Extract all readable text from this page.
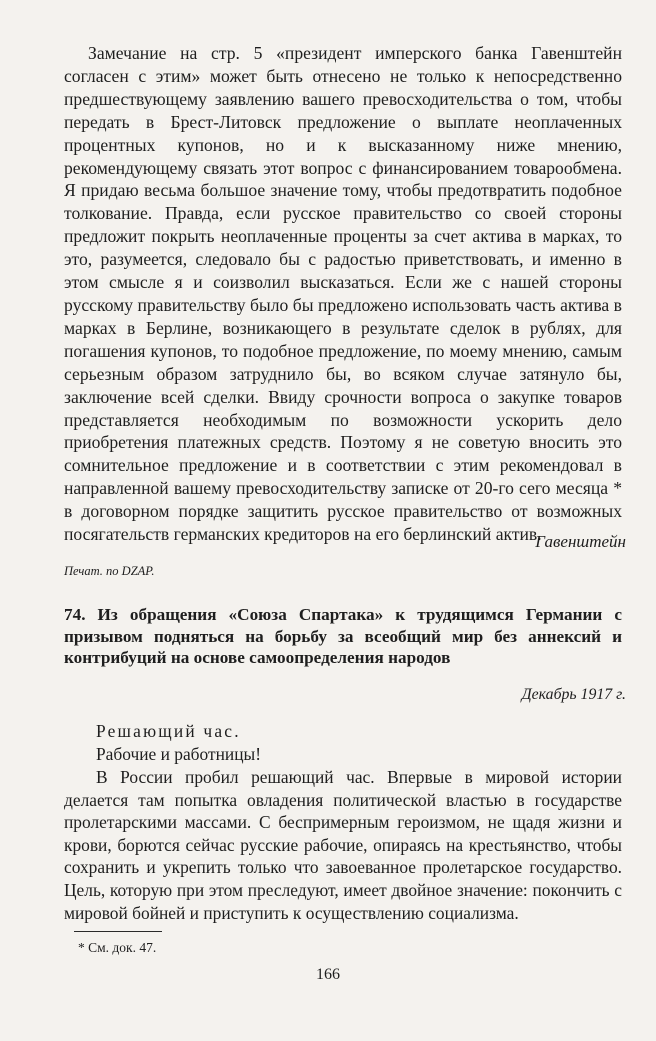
Замечание на стр. 5 «президент имперского банка Гавенштейн согласен с этим» может быть отнесено не только к непосредственно предшествующему заявлению вашего превосходительства о том, чтобы передать в Брест-Литовск предложение о выплате неоплаченных процентных купонов, но и к высказанному ниже мнению, рекомендующему связать этот вопрос с финансированием товарообмена. Я придаю весьма большое значение тому, чтобы предотвратить подобное толкование. Правда, если русское правительство со своей стороны предложит покрыть неоплаченные проценты за счет актива в марках, то это, разумеется, следовало бы с радостью приветствовать, и именно в этом смысле я и соизволил высказаться. Если же с нашей стороны русскому правительству было бы предложено использовать часть актива в марках в Берлине, возникающего в результате сделок в рублях, для погашения купонов, то подобное предложение, по моему мнению, самым серьезным образом затруднило бы, во всяком случае затянуло бы, заключение всей сделки. Ввиду срочности вопроса о закупке товаров представляется необходимым по возможности ускорить дело приобретения платежных средств. Поэтому я не советую вносить это сомнительное предложение и в соответствии с этим рекомендовал в направленной вашему превосходительству записке от 20-го сего месяца * в договорном порядке защитить русское правительство от возможных посягательств германских кредиторов на его берлинский актив.

Гавенштейн
Печат. по DZAP.
74. Из обращения «Союза Спартака» к трудящимся Германии с призывом подняться на борьбу за всеобщий мир без аннексий и контрибуций на основе самоопределения народов
Декабрь 1917 г.
Решающий час.
Рабочие и работницы!

В России пробил решающий час. Впервые в мировой истории делается там попытка овладения политической властью в государстве пролетарскими массами. С беспримерным героизмом, не щадя жизни и крови, борются сейчас русские рабочие, опираясь на крестьянство, чтобы сохранить и укрепить только что завоеванное пролетарское государство. Цель, которую при этом преследуют, имеет двойное значение: покончить с мировой бойней и приступить к осуществлению социализма.

* См. док. 47.
166
